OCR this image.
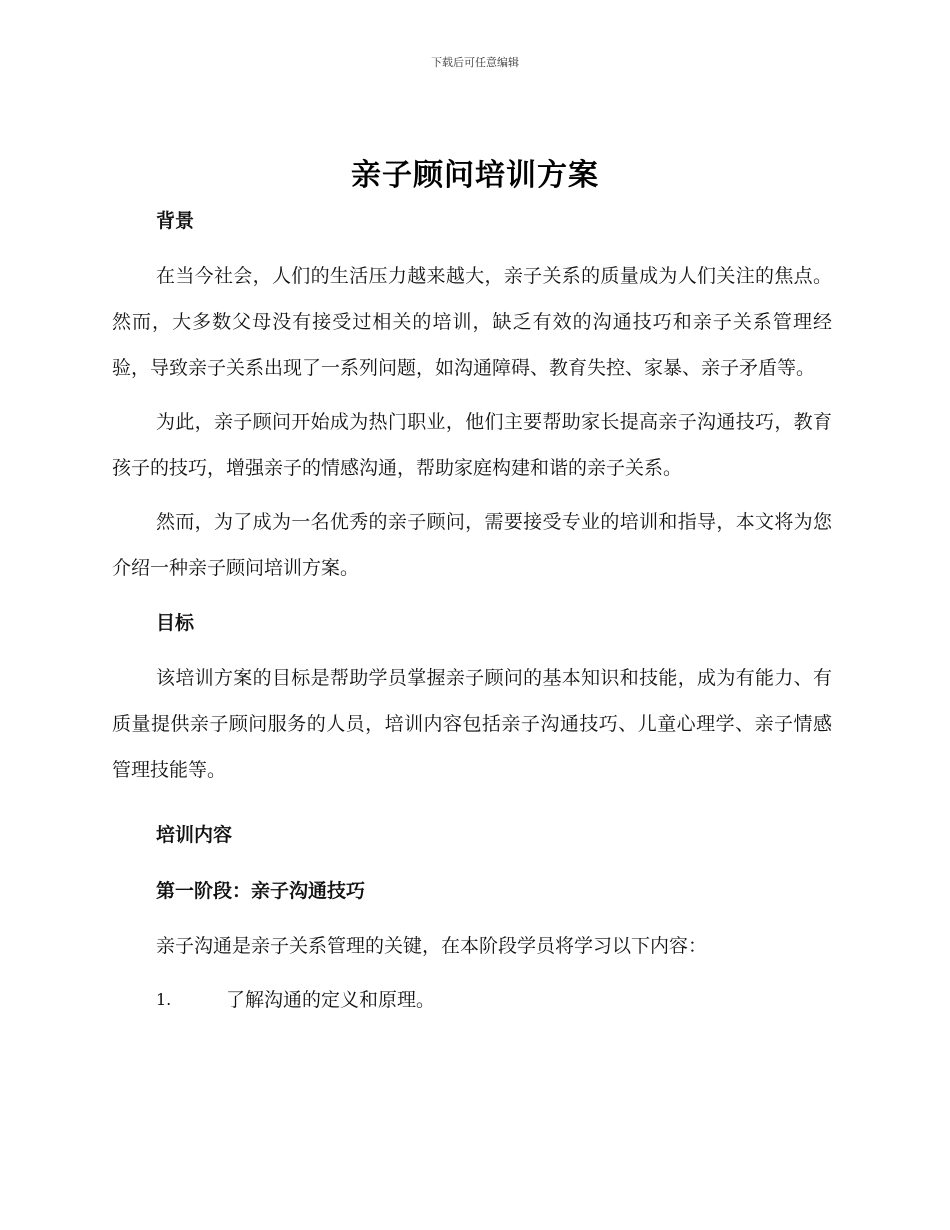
下载后可任意编辑
亲子顾问培训方案
背景

在当今社会，人们的生活压力越来越大，亲子关系的质量成为人们关注的焦点。然而，大多数父母没有接受过相关的培训，缺乏有效的沟通技巧和亲子关系管理经验，导致亲子关系出现了一系列问题，如沟通障碍、教育失控、家暴、亲子矛盾等。

为此，亲子顾问开始成为热门职业，他们主要帮助家长提高亲子沟通技巧，教育孩子的技巧，增强亲子的情感沟通，帮助家庭构建和谐的亲子关系。

然而，为了成为一名优秀的亲子顾问，需要接受专业的培训和指导，本文将为您介绍一种亲子顾问培训方案。

目标

该培训方案的目标是帮助学员掌握亲子顾问的基本知识和技能，成为有能力、有质量提供亲子顾问服务的人员，培训内容包括亲子沟通技巧、儿童心理学、亲子情感管理技能等。

培训内容
第一阶段：亲子沟通技巧

亲子沟通是亲子关系管理的关键，在本阶段学员将学习以下内容：

1.	了解沟通的定义和原理。
